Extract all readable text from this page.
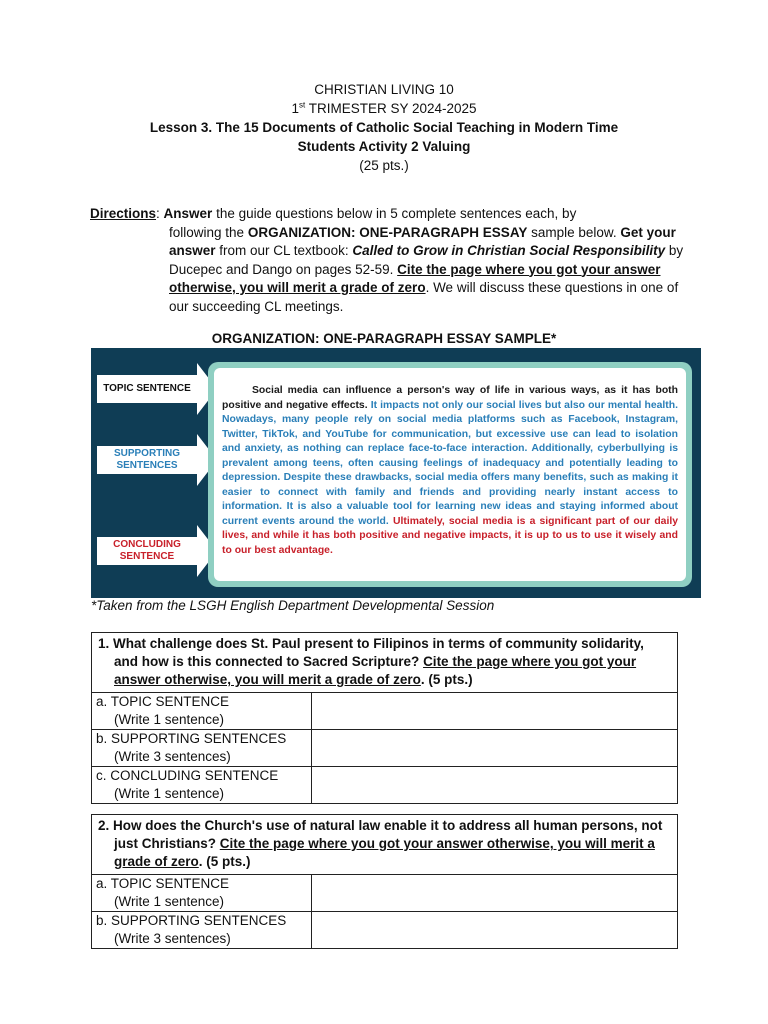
CHRISTIAN LIVING 10
1st TRIMESTER SY 2024-2025
Lesson 3. The 15 Documents of Catholic Social Teaching in Modern Time
Students Activity 2 Valuing
(25 pts.)
Directions: Answer the guide questions below in 5 complete sentences each, by
following the ORGANIZATION: ONE-PARAGRAPH ESSAY sample below. Get your answer from our CL textbook: Called to Grow in Christian Social Responsibility by Ducepec and Dango on pages 52-59. Cite the page where you got your answer otherwise, you will merit a grade of zero. We will discuss these questions in one of our succeeding CL meetings.
ORGANIZATION: ONE-PARAGRAPH ESSAY SAMPLE*
TOPIC SENTENCE
SUPPORTING SENTENCES
CONCLUDING SENTENCE
Social media can influence a person's way of life in various ways, as it has both positive and negative effects. It impacts not only our social lives but also our mental health. Nowadays, many people rely on social media platforms such as Facebook, Instagram, Twitter, TikTok, and YouTube for communication, but excessive use can lead to isolation and anxiety, as nothing can replace face-to-face interaction. Additionally, cyberbullying is prevalent among teens, often causing feelings of inadequacy and potentially leading to depression. Despite these drawbacks, social media offers many benefits, such as making it easier to connect with family and friends and providing nearly instant access to information. It is also a valuable tool for learning new ideas and staying informed about current events around the world. Ultimately, social media is a significant part of our daily lives, and while it has both positive and negative impacts, it is up to us to use it wisely and to our best advantage.
*Taken from the LSGH English Department Developmental Session
1. What challenge does St. Paul present to Filipinos in terms of community solidarity, and how is this connected to Sacred Scripture? Cite the page where you got your answer otherwise, you will merit a grade of zero. (5 pts.)	

a. TOPIC SENTENCE
(Write 1 sentence)	

b. SUPPORTING SENTENCES
(Write 3 sentences)	

c. CONCLUDING SENTENCE
(Write 1 sentence)	

2. How does the Church's use of natural law enable it to address all human persons, not just Christians? Cite the page where you got your answer otherwise, you will merit a grade of zero. (5 pts.)	

a. TOPIC SENTENCE
(Write 1 sentence)	

b. SUPPORTING SENTENCES
(Write 3 sentences)	
